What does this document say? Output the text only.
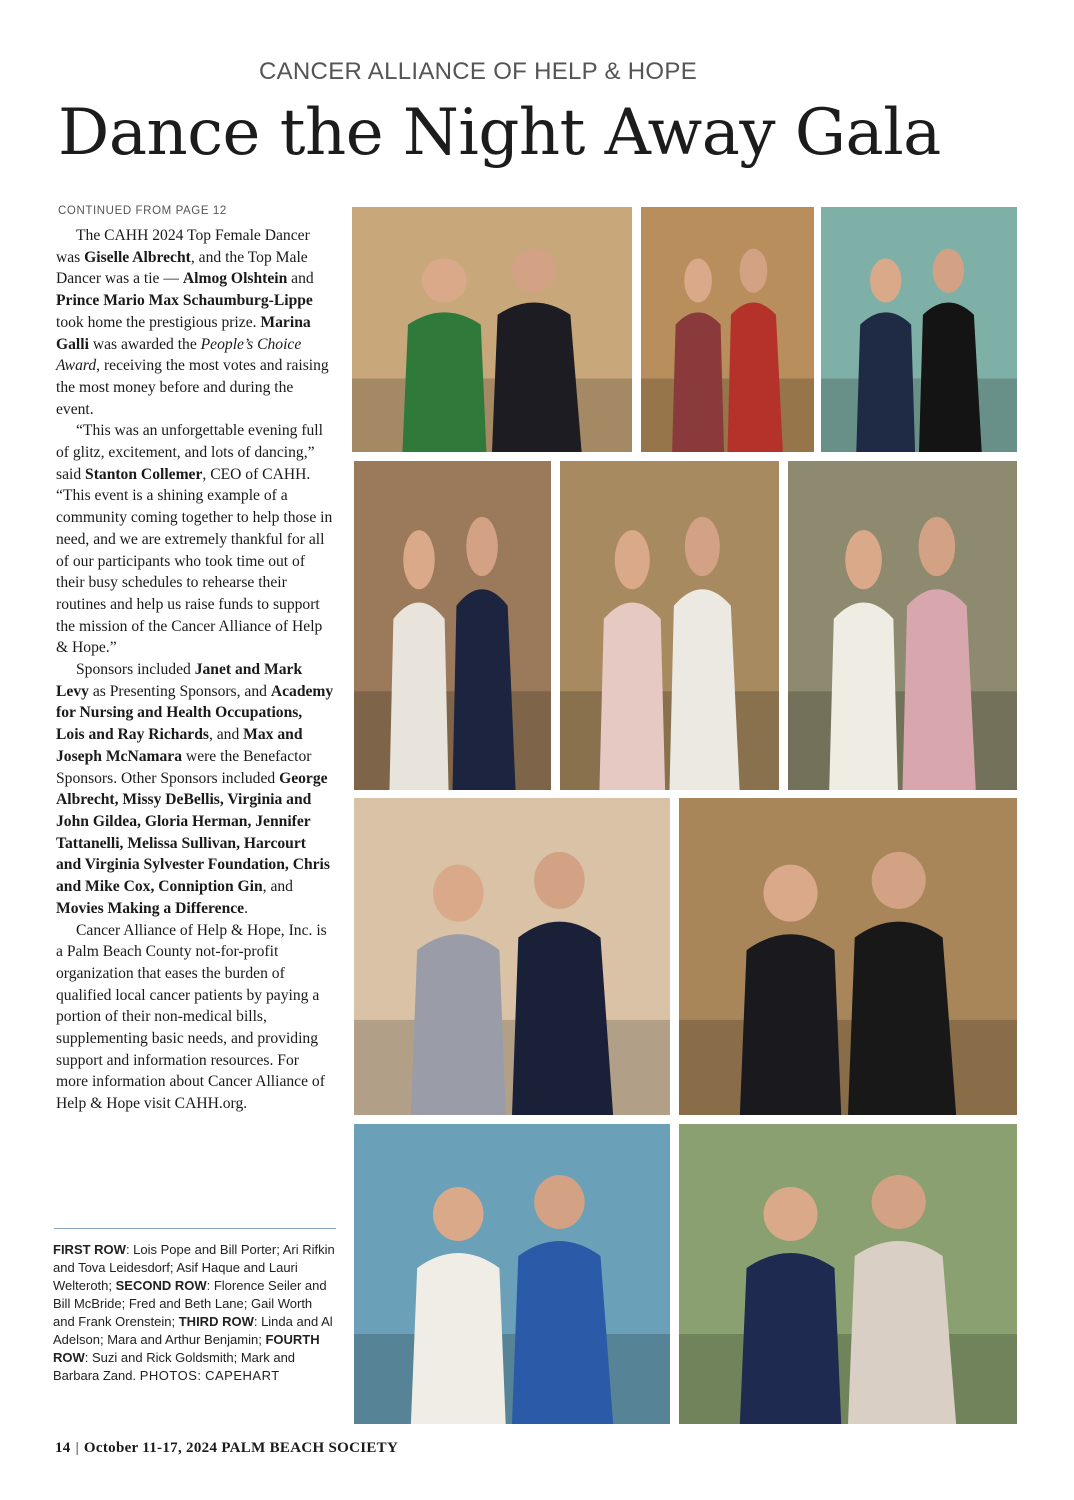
CANCER ALLIANCE OF HELP & HOPE
Dance the Night Away Gala
CONTINUED FROM PAGE 12

The CAHH 2024 Top Female Dancer was Giselle Albrecht, and the Top Male Dancer was a tie — Almog Olshtein and Prince Mario Max Schaumburg-Lippe took home the prestigious prize. Marina Galli was awarded the People’s Choice Award, receiving the most votes and raising the most money before and during the event.

“This was an unforgettable evening full of glitz, excitement, and lots of dancing,” said Stanton Collemer, CEO of CAHH. “This event is a shining example of a community coming together to help those in need, and we are extremely thankful for all of our participants who took time out of their busy schedules to rehearse their routines and help us raise funds to support the mission of the Cancer Alliance of Help & Hope.”

Sponsors included Janet and Mark Levy as Presenting Sponsors, and Academy for Nursing and Health Occupations, Lois and Ray Richards, and Max and Joseph McNamara were the Benefactor Sponsors. Other Sponsors included George Albrecht, Missy DeBellis, Virginia and John Gildea, Gloria Herman, Jennifer Tattanelli, Melissa Sullivan, Harcourt and Virginia Sylvester Foundation, Chris and Mike Cox, Conniption Gin, and Movies Making a Difference.

Cancer Alliance of Help & Hope, Inc. is a Palm Beach County not-for-profit organization that eases the burden of qualified local cancer patients by paying a portion of their non-medical bills, supplementing basic needs, and providing support and information resources. For more information about Cancer Alliance of Help & Hope visit CAHH.org.

FIRST ROW: Lois Pope and Bill Porter; Ari Rifkin and Tova Leidesdorf; Asif Haque and Lauri Welteroth; SECOND ROW: Florence Seiler and Bill McBride; Fred and Beth Lane; Gail Worth and Frank Orenstein; THIRD ROW: Linda and Al Adelson; Mara and Arthur Benjamin; FOURTH ROW: Suzi and Rick Goldsmith; Mark and Barbara Zand. PHOTOS: CAPEHART
14 | October 11-17, 2024 PALM BEACH SOCIETY
